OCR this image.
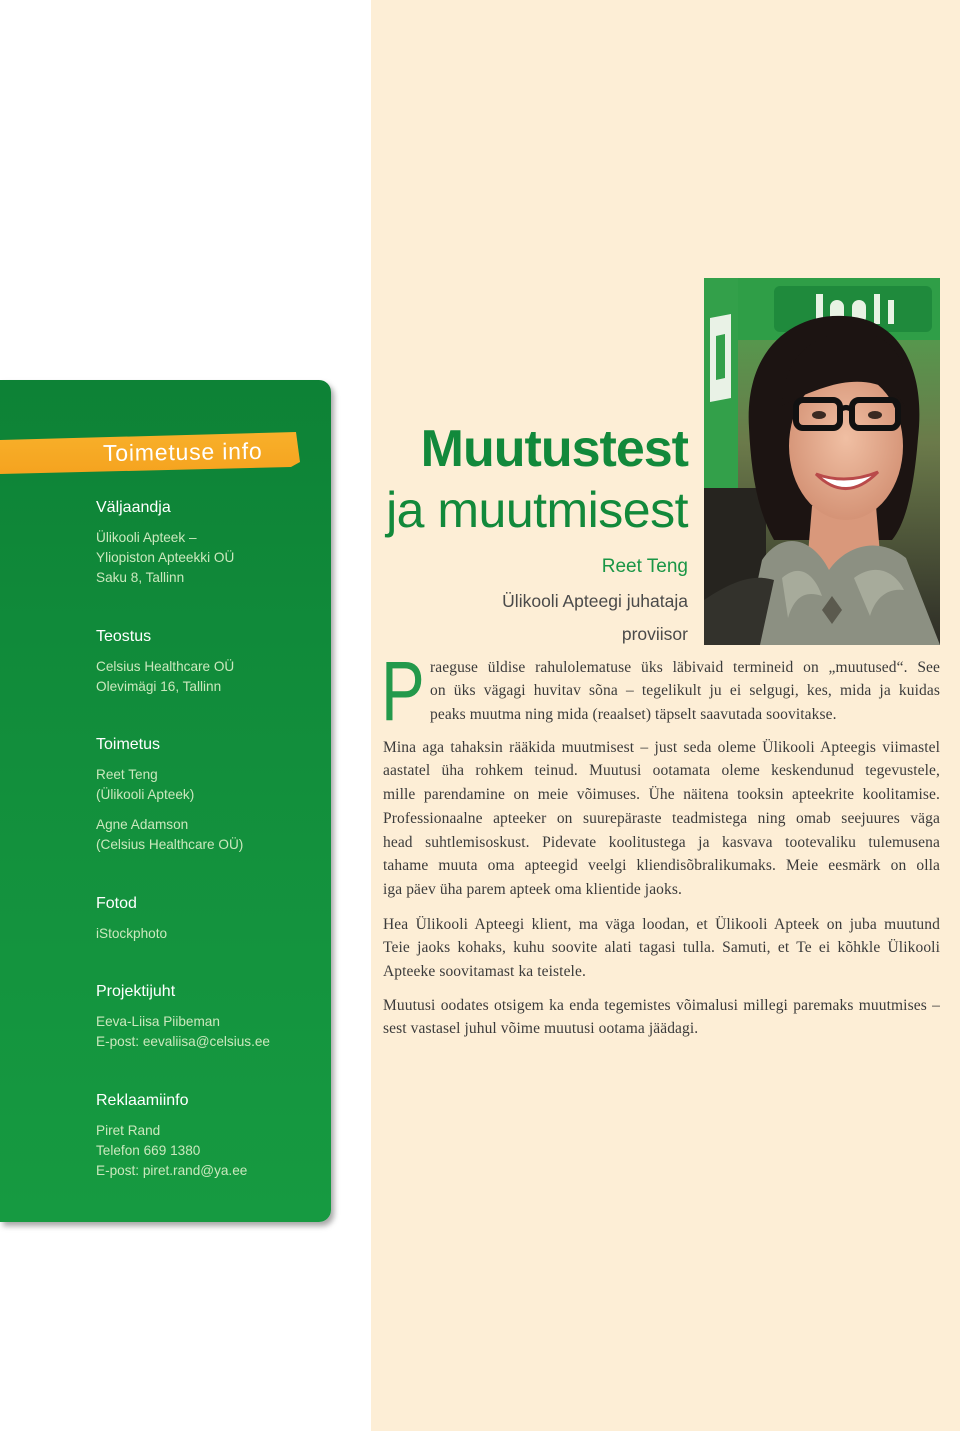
Toimetuse info
Väljaandja
Ülikooli Apteek –
Yliopiston Apteekki OÜ
Saku 8, Tallinn
Teostus
Celsius Healthcare OÜ
Olevimägi 16, Tallinn
Toimetus
Reet Teng
(Ülikooli Apteek)
Agne Adamson
(Celsius Healthcare OÜ)
Fotod
iStockphoto
Projektijuht
Eeva-Liisa Piibeman
E-post: eevaliisa@celsius.ee
Reklaamiinfo
Piret Rand
Telefon 669 1380
E-post: piret.rand@ya.ee
Muutustest
ja muutmisest
Reet Teng
Ülikooli Apteegi juhataja
proviisor
P raeguse üldise rahulolematuse üks läbivaid termineid on „muutused“. See
on üks vägagi huvitav sõna – tegelikult ju ei selgugi, kes, mida ja kuidas
peaks muutma ning mida (reaalset) täpselt saavutada soovitakse.
Mina aga tahaksin rääkida muutmisest – just seda oleme Ülikooli Apteegis viimastel
aastatel üha rohkem teinud. Muutusi ootamata oleme keskendunud tegevustele,
mille parendamine on meie võimuses. Ühe näitena tooksin apteekrite koolitamise.
Professionaalne apteeker on suurepäraste teadmistega ning omab seejuures väga
head suhtlemisoskust. Pidevate koolitustega ja kasvava tootevaliku tulemusena
tahame muuta oma apteegid veelgi kliendisõbralikumaks. Meie eesmärk on olla
iga päev üha parem apteek oma klientide jaoks.
Hea Ülikooli Apteegi klient, ma väga loodan, et Ülikooli Apteek on juba muutund
Teie jaoks kohaks, kuhu soovite alati tagasi tulla. Samuti, et Te ei kõhkle Ülikooli
Apteeke soovitamast ka teistele.
Muutusi oodates otsigem ka enda tegemistes võimalusi millegi paremaks muutmises –
sest vastasel juhul võime muutusi ootama jäädagi.
